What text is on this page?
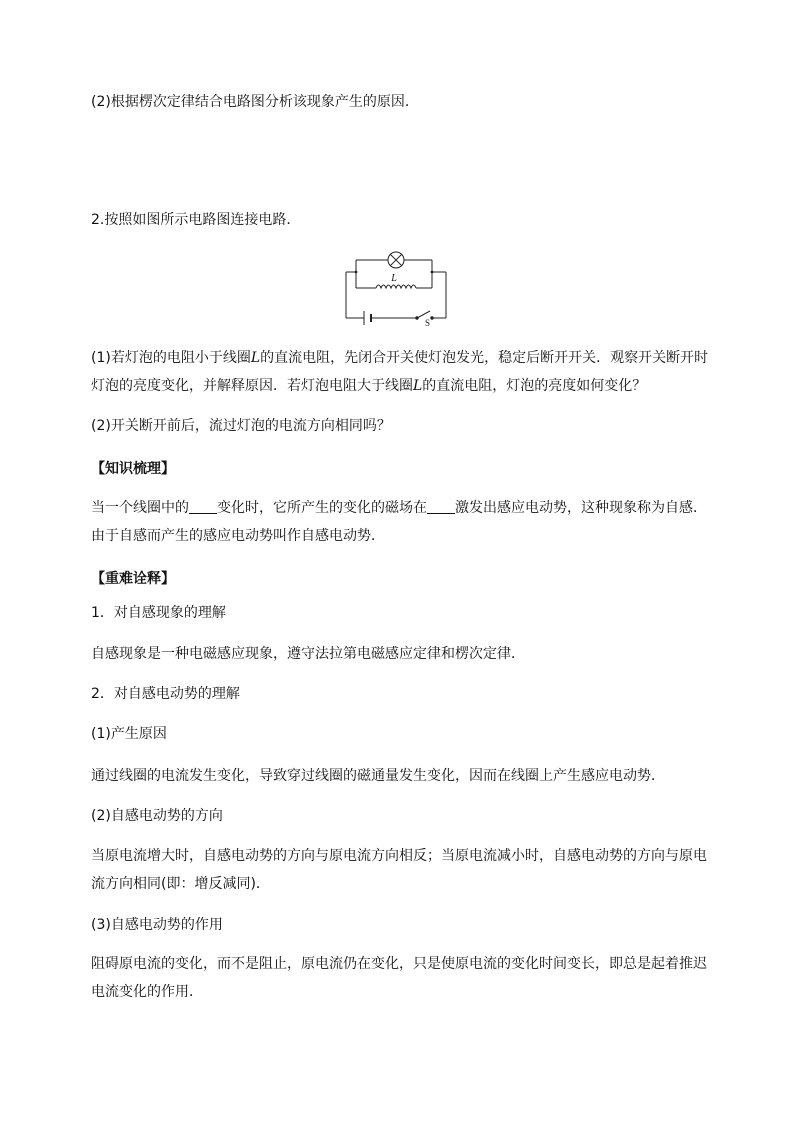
(2)根据楞次定律结合电路图分析该现象产生的原因．

2.按照如图所示电路图连接电路．

L
S

(1)若灯泡的电阻小于线圈L的直流电阻，先闭合开关使灯泡发光，稳定后断开开关．观察开关断开时灯泡的亮度变化，并解释原因．若灯泡电阻大于线圈L的直流电阻，灯泡的亮度如何变化？

(2)开关断开前后，流过灯泡的电流方向相同吗？

【知识梳理】

当一个线圈中的 变化时，它所产生的变化的磁场在 激发出感应电动势，这种现象称为自感．由于自感而产生的感应电动势叫作自感电动势．

【重难诠释】

1．对自感现象的理解

自感现象是一种电磁感应现象，遵守法拉第电磁感应定律和楞次定律．

2．对自感电动势的理解

(1)产生原因

通过线圈的电流发生变化，导致穿过线圈的磁通量发生变化，因而在线圈上产生感应电动势．

(2)自感电动势的方向

当原电流增大时，自感电动势的方向与原电流方向相反；当原电流减小时，自感电动势的方向与原电流方向相同(即：增反减同)．

(3)自感电动势的作用

阻碍原电流的变化，而不是阻止，原电流仍在变化，只是使原电流的变化时间变长，即总是起着推迟电流变化的作用．
